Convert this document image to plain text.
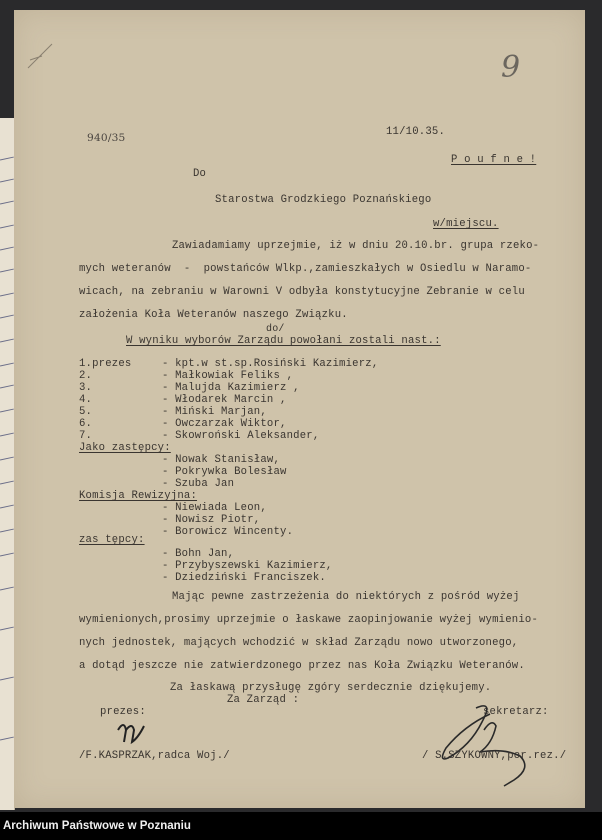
9
11/10.35.
940/35
P o u f n e !
Do
Starostwa Grodzkiego Poznańskiego
w/miejscu.
Zawiadamiamy uprzejmie, iż w dniu 20.10.br. grupa rzeko-
mych weteranów  -  powstańców Wlkp.,zamieszkałych w Osiedlu w Naramo-
wicach, na zebraniu w Warowni V odbyła konstytucyjne Zebranie w celu
założenia Koła Weteranów naszego Związku.
do/
W wyniku wyborów Zarządu powołani zostali nast.:
1.prezes	- kpt.w st.sp.Rosiński Kazimierz,
2.	- Małkowiak Feliks ,
3.	- Malujda Kazimierz ,
4.	- Włodarek Marcin ,
5.	- Miński Marjan,
6.	- Owczarzak Wiktor,
7.	- Skowroński Aleksander,
Jako zastępcy:
- Nowak Stanisław,
- Pokrywka Bolesław
- Szuba Jan
Komisja Rewizyjna:
- Niewiada Leon,
- Nowisz Piotr,
- Borowicz Wincenty.
zas tępcy:
- Bohn Jan,
- Przybyszewski Kazimierz,
- Dziedziński Franciszek.
Mając pewne zastrzeżenia do niektórych z pośród wyżej
wymienionych,prosimy uprzejmie o łaskawe zaopinjowanie wyżej wymienio-
nych jednostek, mających wchodzić w skład Zarządu nowo utworzonego,
a dotąd jeszcze nie zatwierdzonego przez nas Koła Związku Weteranów.
Za łaskawą przysługę zgóry serdecznie dziękujemy.
Za Zarząd :
prezes:
/F.KASPRZAK,radca Woj./
sekretarz:
/ S.SZYKOWNY,por.rez./
Archiwum Państwowe w Poznaniu
